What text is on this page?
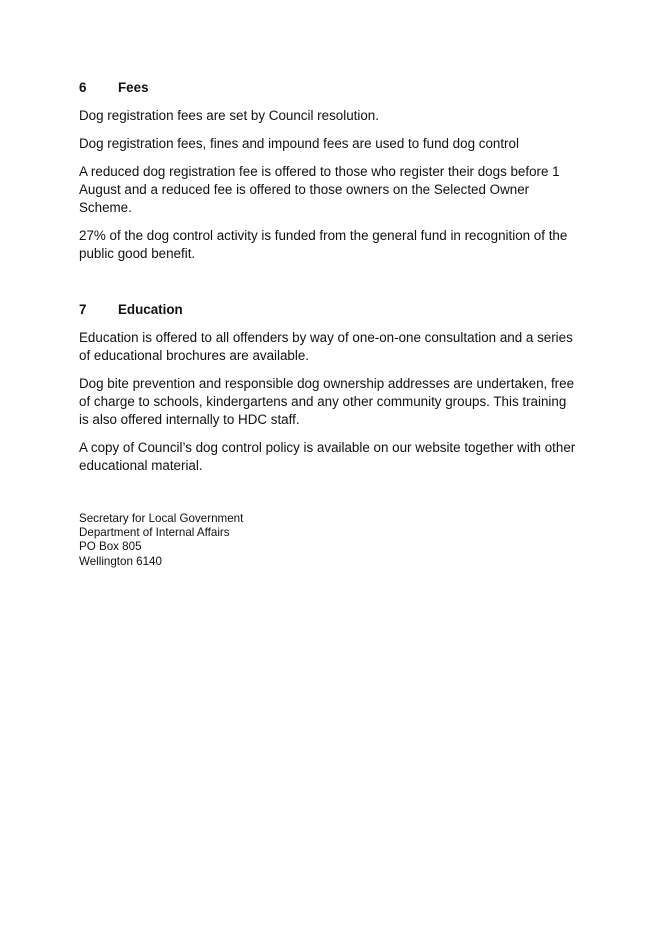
6	Fees

Dog registration fees are set by Council resolution.

Dog registration fees, fines and impound fees are used to fund dog control

A reduced dog registration fee is offered to those who register their dogs before 1 August and a reduced fee is offered to those owners on the Selected Owner Scheme.

27% of the dog control activity is funded from the general fund in recognition of the public good benefit.

7	Education

Education is offered to all offenders by way of one-on-one consultation and a series of educational brochures are available.

Dog bite prevention and responsible dog ownership addresses are undertaken, free of charge to schools, kindergartens and any other community groups. This training is also offered internally to HDC staff.

A copy of Council’s dog control policy is available on our website together with other educational material.

Secretary for Local Government
Department of Internal Affairs
PO Box 805
Wellington 6140
